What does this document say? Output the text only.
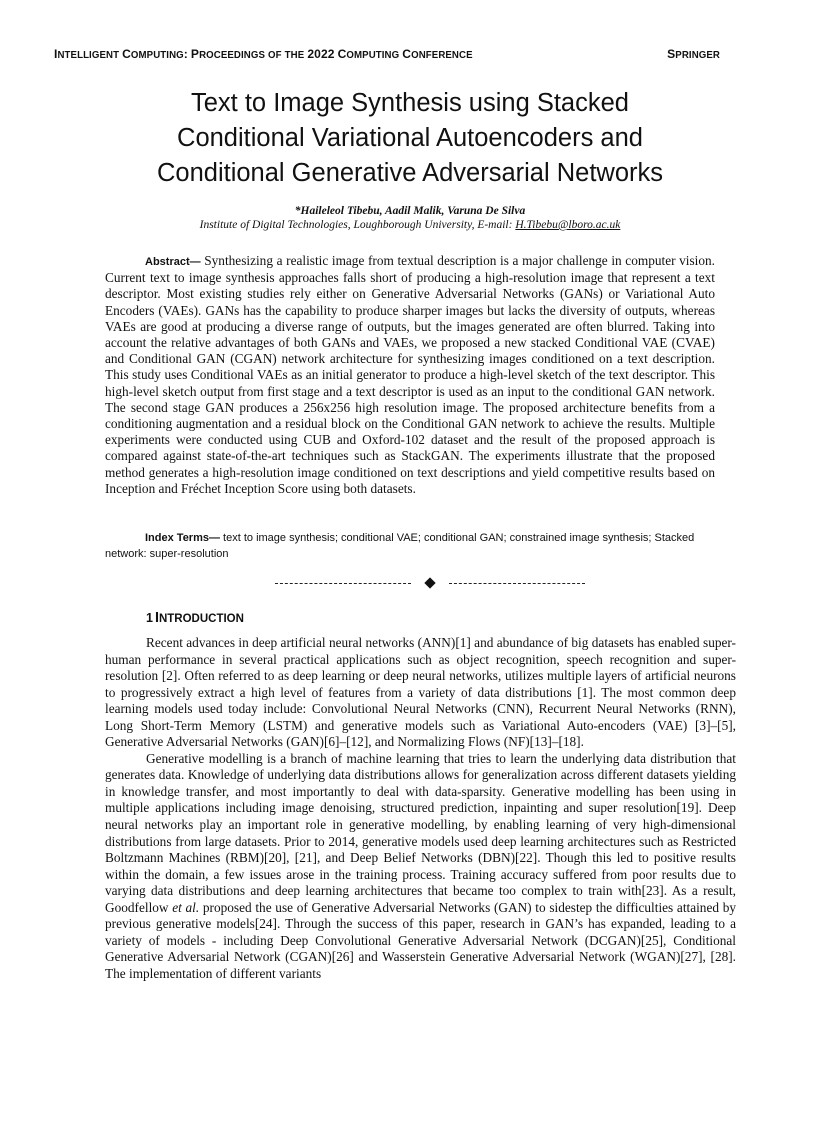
INTELLIGENT COMPUTING: PROCEEDINGS OF THE 2022 COMPUTING CONFERENCE	SPRINGER
Text to Image Synthesis using Stacked
Conditional Variational Autoencoders and
Conditional Generative Adversarial Networks
*Haileleol Tibebu, Aadil Malik, Varuna De Silva
Institute of Digital Technologies, Loughborough University, E-mail: H.Tibebu@lboro.ac.uk

Abstract— Synthesizing a realistic image from textual description is a major challenge in computer vision. Current text to image synthesis approaches falls short of producing a high-resolution image that represent a text descriptor. Most existing studies rely either on Generative Adversarial Networks (GANs) or Variational Auto Encoders (VAEs). GANs has the capability to produce sharper images but lacks the diversity of outputs, whereas VAEs are good at producing a diverse range of outputs, but the images generated are often blurred. Taking into account the relative advantages of both GANs and VAEs, we proposed a new stacked Conditional VAE (CVAE) and Conditional GAN (CGAN) network architecture for synthesizing images conditioned on a text description. This study uses Conditional VAEs as an initial generator to produce a high-level sketch of the text descriptor. This high-level sketch output from first stage and a text descriptor is used as an input to the conditional GAN network. The second stage GAN produces a 256x256 high resolution image. The proposed architecture benefits from a conditioning augmentation and a residual block on the Conditional GAN network to achieve the results. Multiple experiments were conducted using CUB and Oxford-102 dataset and the result of the proposed approach is compared against state-of-the-art techniques such as StackGAN. The experiments illustrate that the proposed method generates a high-resolution image conditioned on text descriptions and yield competitive results based on Inception and Fréchet Inception Score using both datasets.

Index Terms— text to image synthesis; conditional VAE; conditional GAN; constrained image synthesis; Stacked network: super-resolution

1 INTRODUCTION

Recent advances in deep artificial neural networks (ANN)[1] and abundance of big datasets has enabled super-human performance in several practical applications such as object recognition, speech recognition and super-resolution [2]. Often referred to as deep learning or deep neural networks, utilizes multiple layers of artificial neurons to progressively extract a high level of features from a variety of data distributions [1]. The most common deep learning models used today include: Convolutional Neural Networks (CNN), Recurrent Neural Networks (RNN), Long Short-Term Memory (LSTM) and generative models such as Variational Auto-encoders (VAE) [3]–[5], Generative Adversarial Networks (GAN)[6]–[12], and Normalizing Flows (NF)[13]–[18].

Generative modelling is a branch of machine learning that tries to learn the underlying data distribution that generates data. Knowledge of underlying data distributions allows for generalization across different datasets yielding in knowledge transfer, and most importantly to deal with data-sparsity. Generative modelling has been using in multiple applications including image denoising, structured prediction, inpainting and super resolution[19]. Deep neural networks play an important role in generative modelling, by enabling learning of very high-dimensional distributions from large datasets. Prior to 2014, generative models used deep learning architectures such as Restricted Boltzmann Machines (RBM)[20], [21], and Deep Belief Networks (DBN)[22]. Though this led to positive results within the domain, a few issues arose in the training process. Training accuracy suffered from poor results due to varying data distributions and deep learning architectures that became too complex to train with[23]. As a result, Goodfellow et al. proposed the use of Generative Adversarial Networks (GAN) to sidestep the difficulties attained by previous generative models[24]. Through the success of this paper, research in GAN’s has expanded, leading to a variety of models - including Deep Convolutional Generative Adversarial Network (DCGAN)[25], Conditional Generative Adversarial Network (CGAN)[26] and Wasserstein Generative Adversarial Network (WGAN)[27], [28]. The implementation of different variants
